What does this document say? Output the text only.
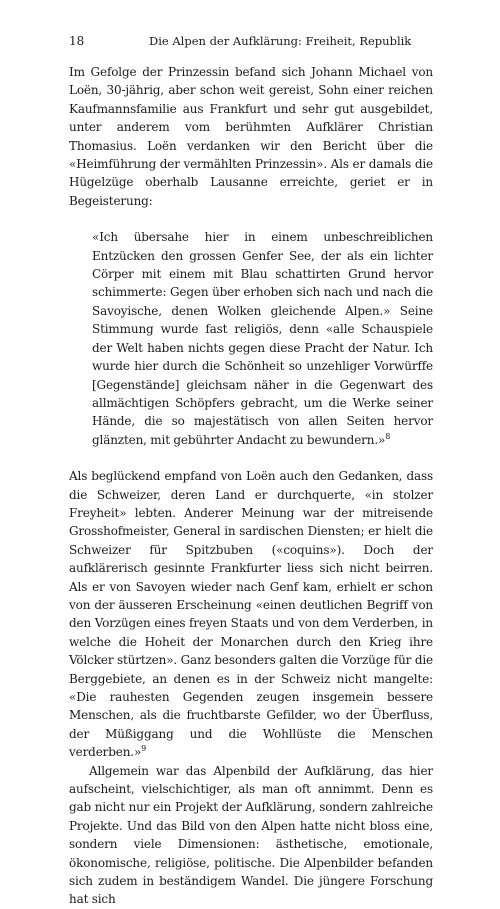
18	Die Alpen der Aufklärung: Freiheit, Republik

Im Gefolge der Prinzessin befand sich Johann Michael von Loën, 30-jährig, aber schon weit gereist, Sohn einer reichen Kaufmannsfamilie aus Frankfurt und sehr gut ausgebildet, unter anderem vom berühmten Aufklärer Christian Thomasius. Loën verdanken wir den Bericht über die «Heimführung der vermählten Prinzessin». Als er damals die Hügelzüge oberhalb Lausanne erreichte, geriet er in Begeisterung:

«Ich übersahe hier in einem unbeschreiblichen Entzücken den grossen Genfer See, der als ein lichter Cörper mit einem mit Blau schattirten Grund hervor schimmerte: Gegen über erhoben sich nach und nach die Savoyische, denen Wolken gleichende Alpen.» Seine Stimmung wurde fast religiös, denn «alle Schauspiele der Welt haben nichts gegen diese Pracht der Natur. Ich wurde hier durch die Schönheit so unzehliger Vorwürffe [Gegenstände] gleichsam näher in die Gegenwart des allmächtigen Schöpfers gebracht, um die Werke seiner Hände, die so majestätisch von allen Seiten hervor glänzten, mit gebührter Andacht zu bewundern.»$^8$

Als beglückend empfand von Loën auch den Gedanken, dass die Schweizer, deren Land er durchquerte, «in stolzer Freyheit» lebten. Anderer Meinung war der mitreisende Grosshofmeister, General in sardischen Diensten; er hielt die Schweizer für Spitzbuben («coquins»). Doch der aufklärerisch gesinnte Frankfurter liess sich nicht beirren. Als er von Savoyen wieder nach Genf kam, erhielt er schon von der äusseren Erscheinung «einen deutlichen Begriff von den Vorzügen eines freyen Staats und von dem Verderben, in welche die Hoheit der Monarchen durch den Krieg ihre Völcker stürtzen». Ganz besonders galten die Vorzüge für die Berggebiete, an denen es in der Schweiz nicht mangelte: «Die rauhesten Gegenden zeugen insgemein bessere Menschen, als die fruchtbarste Gefilder, wo der Überfluss, der Müßiggang und die Wohllüste die Menschen verderben.»$^9$

Allgemein war das Alpenbild der Aufklärung, das hier aufscheint, vielschichtiger, als man oft annimmt. Denn es gab nicht nur ein Projekt der Aufklärung, sondern zahlreiche Projekte. Und das Bild von den Alpen hatte nicht bloss eine, sondern viele Dimensionen: ästhetische, emotionale, ökonomische, religiöse, politische. Die Alpenbilder befanden sich zudem in beständigem Wandel. Die jüngere Forschung hat sich
